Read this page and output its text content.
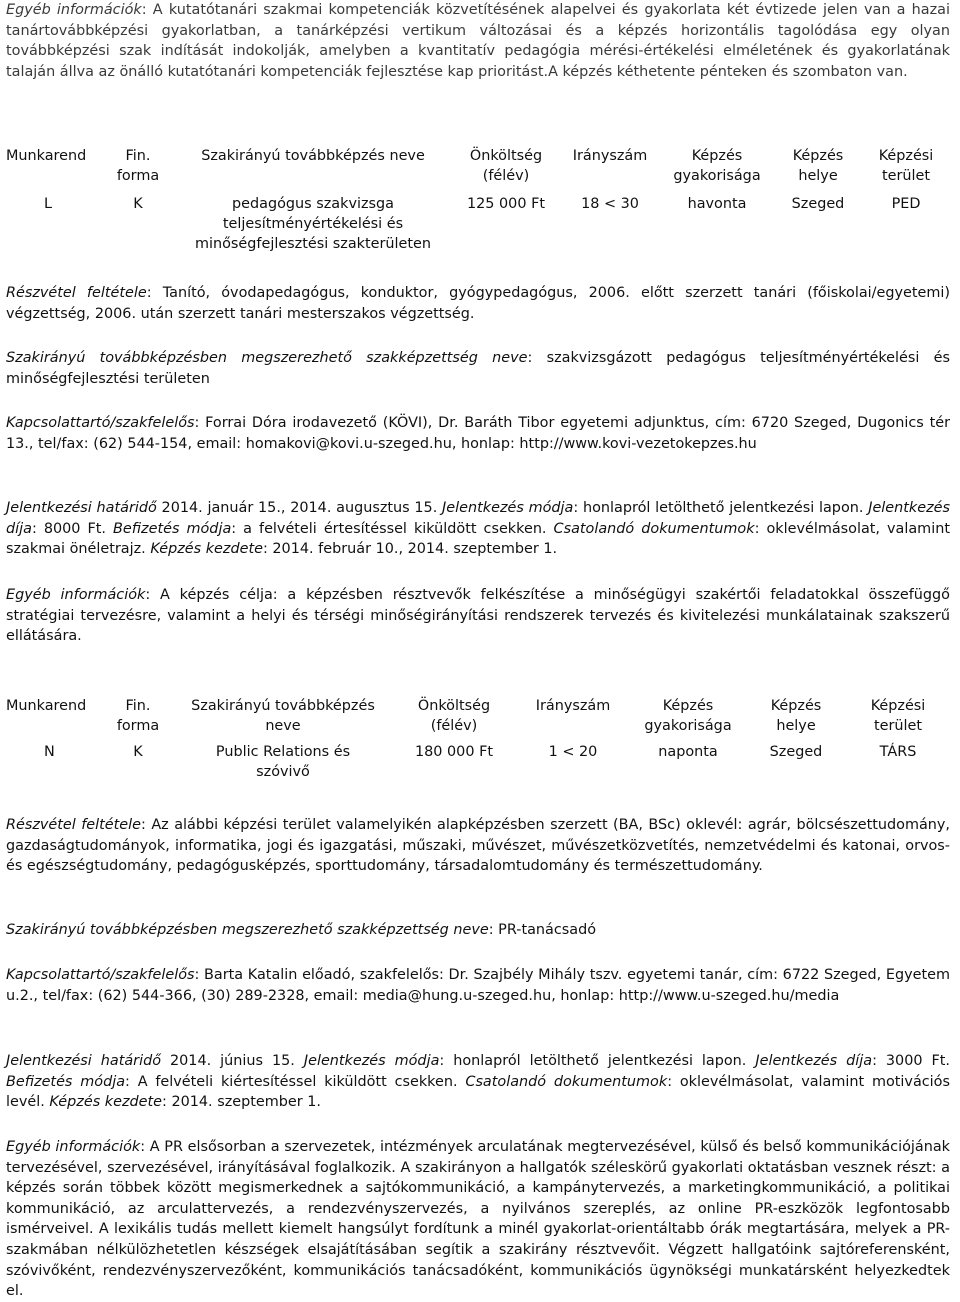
Egyéb információk: A kutatótanári szakmai kompetenciák közvetítésének alapelvei és gyakorlata két évtizede jelen van a hazai tanártovábbképzési gyakorlatban, a tanárképzési vertikum változásai és a képzés horizontális tagolódása egy olyan továbbképzési szak indítását indokolják, amelyben a kvantitatív pedagógia mérési-értékelési elméletének és gyakorlatának talaján állva az önálló kutatótanári kompetenciák fejlesztése kap prioritást.A képzés kéthetente pénteken és szombaton van.

Munkarend	Fin. forma	Szakirányú továbbképzés neve	Önköltség (félév)	Irányszám	Képzés gyakorisága	Képzés helye	Képzési terület
L	K	pedagógus szakvizsga teljesítményértékelési és minőségfejlesztési szakterületen	125 000 Ft	18 < 30	havonta	Szeged	PED

Részvétel feltétele: Tanító, óvodapedagógus, konduktor, gyógypedagógus, 2006. előtt szerzett tanári (főiskolai/egyetemi) végzettség, 2006. után szerzett tanári mesterszakos végzettség.

Szakirányú továbbképzésben megszerezhető szakképzettség neve: szakvizsgázott pedagógus teljesítményértékelési és minőségfejlesztési területen

Kapcsolattartó/szakfelelős: Forrai Dóra irodavezető (KÖVI), Dr. Baráth Tibor egyetemi adjunktus, cím: 6720 Szeged, Dugonics tér 13., tel/fax: (62) 544-154, email: homakovi@kovi.u-szeged.hu, honlap: http://www.kovi-vezetokepzes.hu

Jelentkezési határidő 2014. január 15., 2014. augusztus 15. Jelentkezés módja: honlapról letölthető jelentkezési lapon. Jelentkezés díja: 8000 Ft. Befizetés módja: a felvételi értesítéssel kiküldött csekken. Csatolandó dokumentumok: oklevélmásolat, valamint szakmai önéletrajz. Képzés kezdete: 2014. február 10., 2014. szeptember 1.

Egyéb információk: A képzés célja: a képzésben résztvevők felkészítése a minőségügyi szakértői feladatokkal összefüggő stratégiai tervezésre, valamint a helyi és térségi minőségirányítási rendszerek tervezés és kivitelezési munkálatainak szakszerű ellátására.

Munkarend	Fin. forma	Szakirányú továbbképzés neve	Önköltség (félév)	Irányszám	Képzés gyakorisága	Képzés helye	Képzési terület
N	K	Public Relations és szóvivő	180 000 Ft	1 < 20	naponta	Szeged	TÁRS

Részvétel feltétele: Az alábbi képzési terület valamelyikén alapképzésben szerzett (BA, BSc) oklevél: agrár, bölcsészettudomány, gazdaságtudományok, informatika, jogi és igazgatási, műszaki, művészet, művészetközvetítés, nemzetvédelmi és katonai, orvos- és egészségtudomány, pedagógusképzés, sporttudomány, társadalomtudomány és természettudomány.

Szakirányú továbbképzésben megszerezhető szakképzettség neve: PR-tanácsadó

Kapcsolattartó/szakfelelős: Barta Katalin előadó, szakfelelős: Dr. Szajbély Mihály tszv. egyetemi tanár, cím: 6722 Szeged, Egyetem u.2., tel/fax: (62) 544-366, (30) 289-2328, email: media@hung.u-szeged.hu, honlap: http://www.u-szeged.hu/media

Jelentkezési határidő 2014. június 15. Jelentkezés módja: honlapról letölthető jelentkezési lapon. Jelentkezés díja: 3000 Ft. Befizetés módja: A felvételi kiértesítéssel kiküldött csekken. Csatolandó dokumentumok: oklevélmásolat, valamint motivációs levél. Képzés kezdete: 2014. szeptember 1.

Egyéb információk: A PR elsősorban a szervezetek, intézmények arculatának megtervezésével, külső és belső kommunikációjának tervezésével, szervezésével, irányításával foglalkozik. A szakirányon a hallgatók széleskörű gyakorlati oktatásban vesznek részt: a képzés során többek között megismerkednek a sajtókommunikáció, a kampánytervezés, a marketingkommunikáció, a politikai kommunikáció, az arculattervezés, a rendezvényszervezés, a nyilvános szereplés, az online PR-eszközök legfontosabb ismérveivel. A lexikális tudás mellett kiemelt hangsúlyt fordítunk a minél gyakorlat-orientáltabb órák megtartására, melyek a PR-szakmában nélkülözhetetlen készségek elsajátításában segítik a szakirány résztvevőit. Végzett hallgatóink sajtóreferensként, szóvivőként, rendezvényszervezőként, kommunikációs tanácsadóként, kommunikációs ügynökségi munkatársként helyezkedtek el.
